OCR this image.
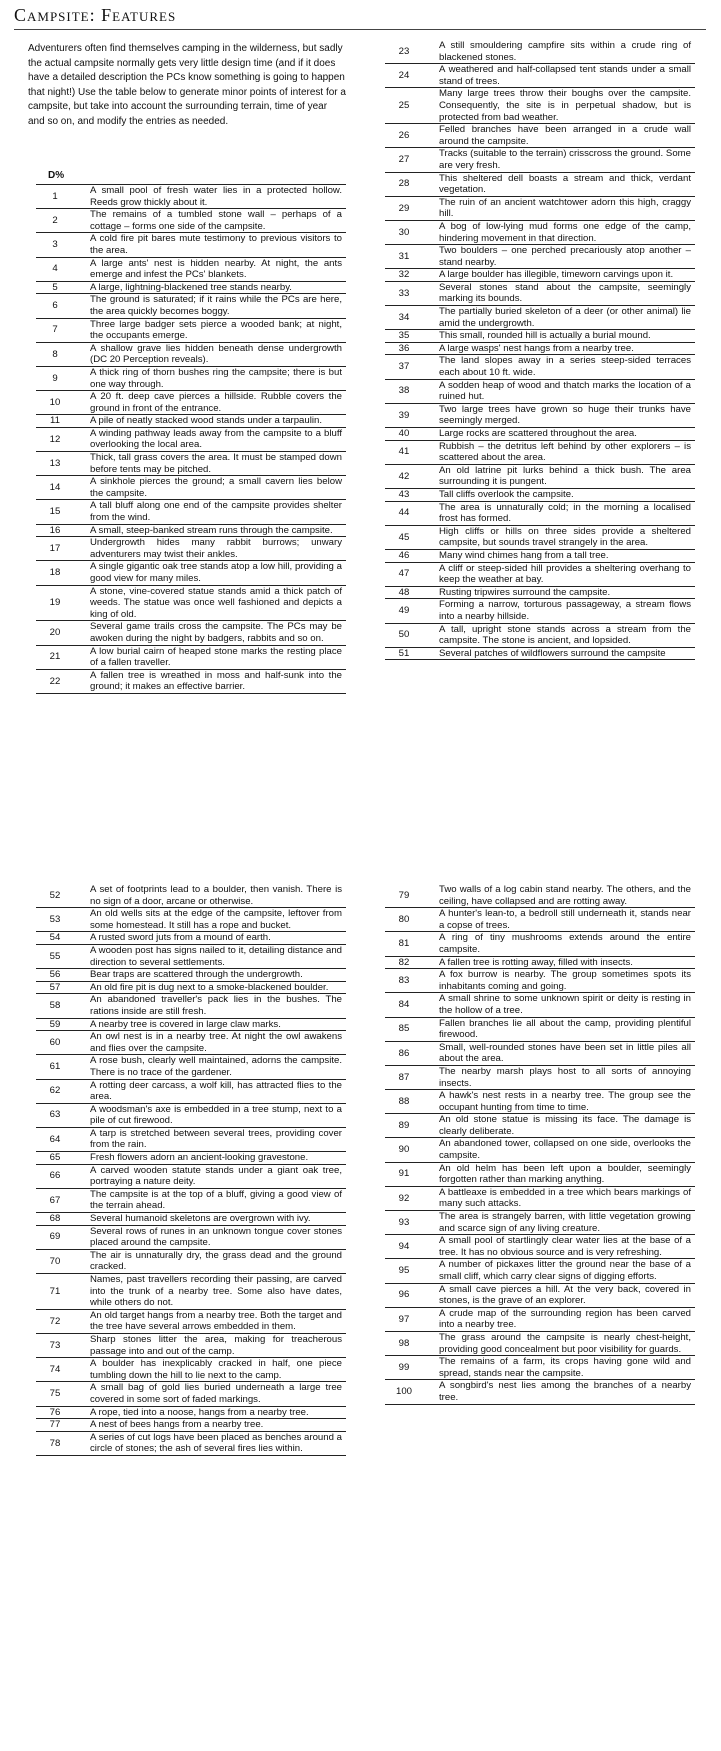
Campsite: Features

Adventurers often find themselves camping in the wilderness, but sadly the actual campsite normally gets very little design time (and if it does have a detailed description the PCs know something is going to happen that night!) Use the table below to generate minor points of interest for a campsite, but take into account the surrounding terrain, time of year and so on, and modify the entries as needed.

D%
1	A small pool of fresh water lies in a protected hollow. Reeds grow thickly about it.
2	The remains of a tumbled stone wall – perhaps of a cottage – forms one side of the campsite.
3	A cold fire pit bares mute testimony to previous visitors to the area.
4	A large ants' nest is hidden nearby. At night, the ants emerge and infest the PCs' blankets.
5	A large, lightning-blackened tree stands nearby.
6	The ground is saturated; if it rains while the PCs are here, the area quickly becomes boggy.
7	Three large badger sets pierce a wooded bank; at night, the occupants emerge.
8	A shallow grave lies hidden beneath dense undergrowth (DC 20 Perception reveals).
9	A thick ring of thorn bushes ring the campsite; there is but one way through.
10	A 20 ft. deep cave pierces a hillside. Rubble covers the ground in front of the entrance.
11	A pile of neatly stacked wood stands under a tarpaulin.
12	A winding pathway leads away from the campsite to a bluff overlooking the local area.
13	Thick, tall grass covers the area. It must be stamped down before tents may be pitched.
14	A sinkhole pierces the ground; a small cavern lies below the campsite.
15	A tall bluff along one end of the campsite provides shelter from the wind.
16	A small, steep-banked stream runs through the campsite.
17	Undergrowth hides many rabbit burrows; unwary adventurers may twist their ankles.
18	A single gigantic oak tree stands atop a low hill, providing a good view for many miles.
19	A stone, vine-covered statue stands amid a thick patch of weeds. The statue was once well fashioned and depicts a king of old.
20	Several game trails cross the campsite. The PCs may be awoken during the night by badgers, rabbits and so on.
21	A low burial cairn of heaped stone marks the resting place of a fallen traveller.
22	A fallen tree is wreathed in moss and half-sunk into the ground; it makes an effective barrier.
23	A still smouldering campfire sits within a crude ring of blackened stones.
24	A weathered and half-collapsed tent stands under a small stand of trees.
25	Many large trees throw their boughs over the campsite. Consequently, the site is in perpetual shadow, but is protected from bad weather.
26	Felled branches have been arranged in a crude wall around the campsite.
27	Tracks (suitable to the terrain) crisscross the ground. Some are very fresh.
28	This sheltered dell boasts a stream and thick, verdant vegetation.
29	The ruin of an ancient watchtower adorn this high, craggy hill.
30	A bog of low-lying mud forms one edge of the camp, hindering movement in that direction.
31	Two boulders – one perched precariously atop another – stand nearby.
32	A large boulder has illegible, timeworn carvings upon it.
33	Several stones stand about the campsite, seemingly marking its bounds.
34	The partially buried skeleton of a deer (or other animal) lie amid the undergrowth.
35	This small, rounded hill is actually a burial mound.
36	A large wasps' nest hangs from a nearby tree.
37	The land slopes away in a series steep-sided terraces each about 10 ft. wide.
38	A sodden heap of wood and thatch marks the location of a ruined hut.
39	Two large trees have grown so huge their trunks have seemingly merged.
40	Large rocks are scattered throughout the area.
41	Rubbish – the detritus left behind by other explorers – is scattered about the area.
42	An old latrine pit lurks behind a thick bush. The area surrounding it is pungent.
43	Tall cliffs overlook the campsite.
44	The area is unnaturally cold; in the morning a localised frost has formed.
45	High cliffs or hills on three sides provide a sheltered campsite, but sounds travel strangely in the area.
46	Many wind chimes hang from a tall tree.
47	A cliff or steep-sided hill provides a sheltering overhang to keep the weather at bay.
48	Rusting tripwires surround the campsite.
49	Forming a narrow, torturous passageway, a stream flows into a nearby hillside.
50	A tall, upright stone stands across a stream from the campsite. The stone is ancient, and lopsided.
51	Several patches of wildflowers surround the campsite
52	A set of footprints lead to a boulder, then vanish. There is no sign of a door, arcane or otherwise.
53	An old wells sits at the edge of the campsite, leftover from some homestead. It still has a rope and bucket.
54	A rusted sword juts from a mound of earth.
55	A wooden post has signs nailed to it, detailing distance and direction to several settlements.
56	Bear traps are scattered through the undergrowth.
57	An old fire pit is dug next to a smoke-blackened boulder.
58	An abandoned traveller's pack lies in the bushes. The rations inside are still fresh.
59	A nearby tree is covered in large claw marks.
60	An owl nest is in a nearby tree. At night the owl awakens and flies over the campsite.
61	A rose bush, clearly well maintained, adorns the campsite. There is no trace of the gardener.
62	A rotting deer carcass, a wolf kill, has attracted flies to the area.
63	A woodsman's axe is embedded in a tree stump, next to a pile of cut firewood.
64	A tarp is stretched between several trees, providing cover from the rain.
65	Fresh flowers adorn an ancient-looking gravestone.
66	A carved wooden statute stands under a giant oak tree, portraying a nature deity.
67	The campsite is at the top of a bluff, giving a good view of the terrain ahead.
68	Several humanoid skeletons are overgrown with ivy.
69	Several rows of runes in an unknown tongue cover stones placed around the campsite.
70	The air is unnaturally dry, the grass dead and the ground cracked.
71	Names, past travellers recording their passing, are carved into the trunk of a nearby tree. Some also have dates, while others do not.
72	An old target hangs from a nearby tree. Both the target and the tree have several arrows embedded in them.
73	Sharp stones litter the area, making for treacherous passage into and out of the camp.
74	A boulder has inexplicably cracked in half, one piece tumbling down the hill to lie next to the camp.
75	A small bag of gold lies buried underneath a large tree covered in some sort of faded markings.
76	A rope, tied into a noose, hangs from a nearby tree.
77	A nest of bees hangs from a nearby tree.
78	A series of cut logs have been placed as benches around a circle of stones; the ash of several fires lies within.
79	Two walls of a log cabin stand nearby. The others, and the ceiling, have collapsed and are rotting away.
80	A hunter's lean-to, a bedroll still underneath it, stands near a copse of trees.
81	A ring of tiny mushrooms extends around the entire campsite.
82	A fallen tree is rotting away, filled with insects.
83	A fox burrow is nearby. The group sometimes spots its inhabitants coming and going.
84	A small shrine to some unknown spirit or deity is resting in the hollow of a tree.
85	Fallen branches lie all about the camp, providing plentiful firewood.
86	Small, well-rounded stones have been set in little piles all about the area.
87	The nearby marsh plays host to all sorts of annoying insects.
88	A hawk's nest rests in a nearby tree. The group see the occupant hunting from time to time.
89	An old stone statue is missing its face. The damage is clearly deliberate.
90	An abandoned tower, collapsed on one side, overlooks the campsite.
91	An old helm has been left upon a boulder, seemingly forgotten rather than marking anything.
92	A battleaxe is embedded in a tree which bears markings of many such attacks.
93	The area is strangely barren, with little vegetation growing and scarce sign of any living creature.
94	A small pool of startlingly clear water lies at the base of a tree. It has no obvious source and is very refreshing.
95	A number of pickaxes litter the ground near the base of a small cliff, which carry clear signs of digging efforts.
96	A small cave pierces a hill. At the very back, covered in stones, is the grave of an explorer.
97	A crude map of the surrounding region has been carved into a nearby tree.
98	The grass around the campsite is nearly chest-height, providing good concealment but poor visibility for guards.
99	The remains of a farm, its crops having gone wild and spread, stands near the campsite.
100	A songbird's nest lies among the branches of a nearby tree.
